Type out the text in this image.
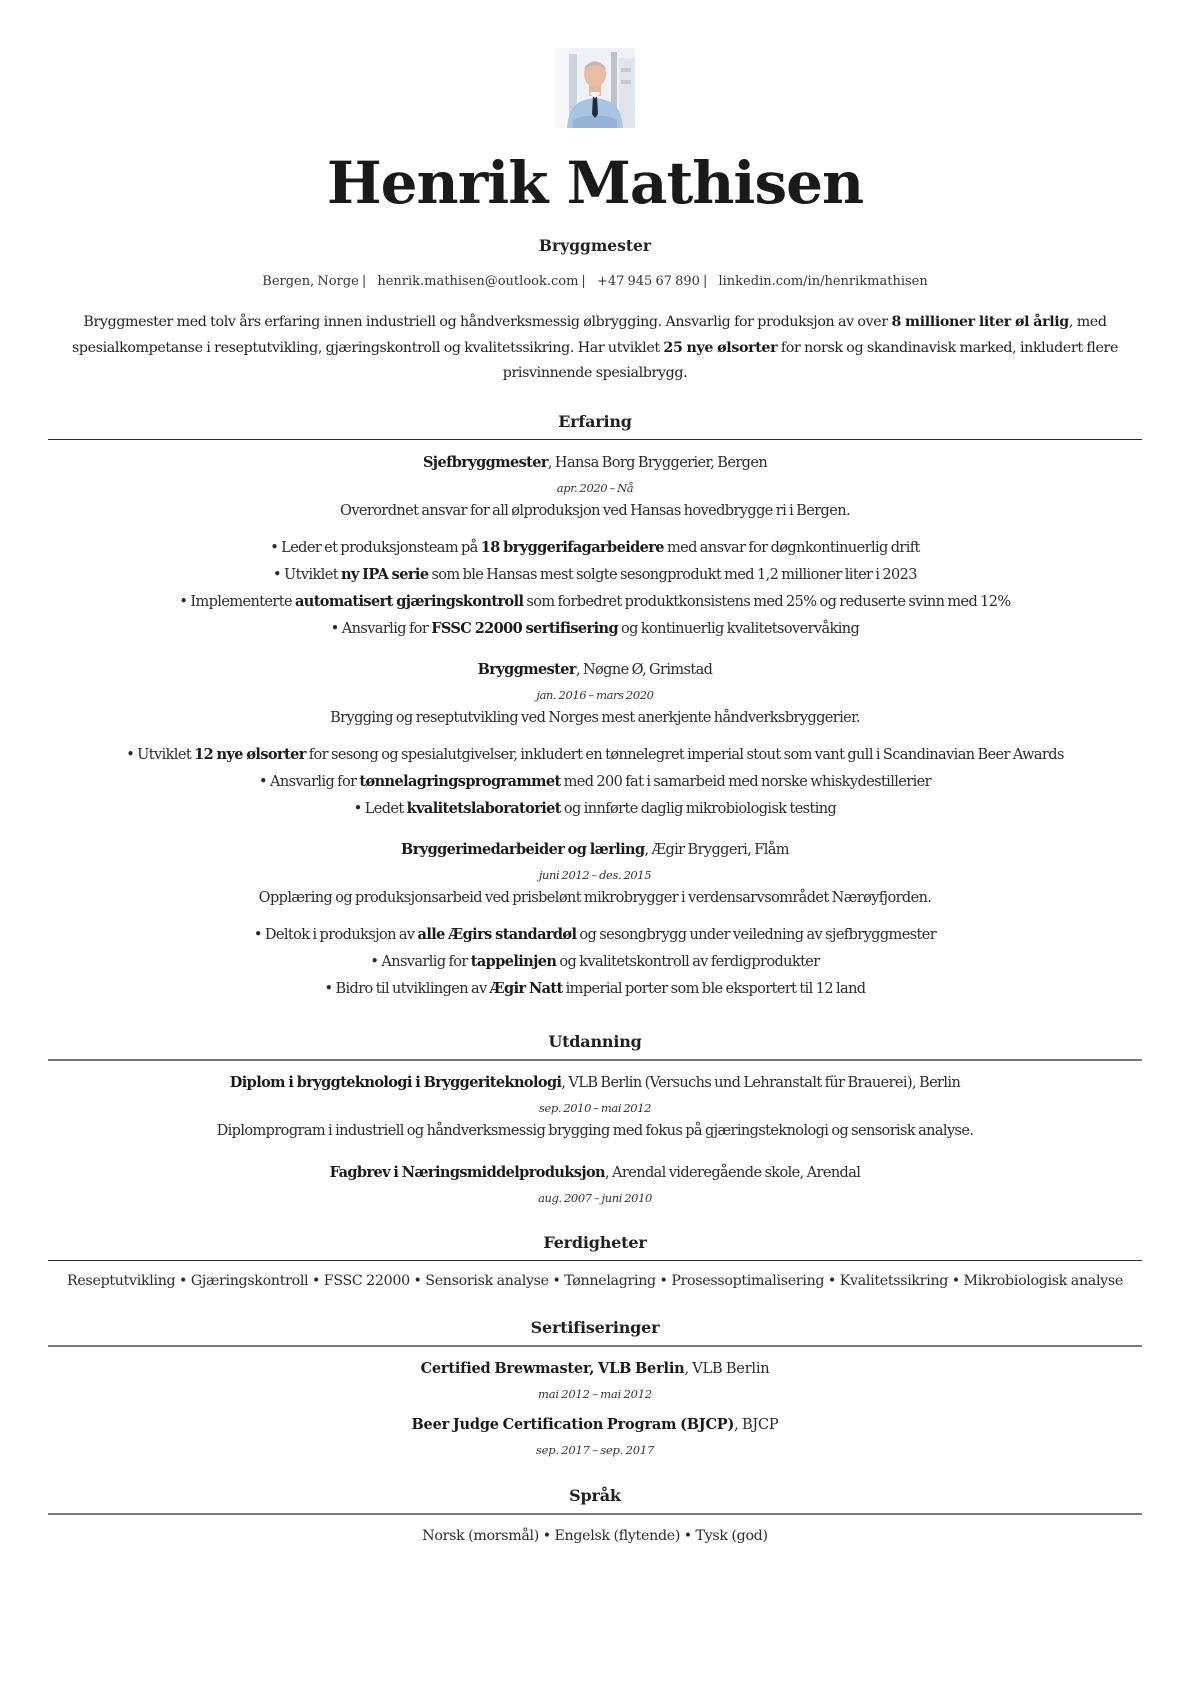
Henrik Mathisen
Bryggmester
Bergen, Norge | henrik.mathisen@outlook.com | +47 945 67 890 | linkedin.com/in/henrikmathisen
Bryggmester med tolv års erfaring innen industriell og håndverksmessig ølbrygging. Ansvarlig for produksjon av over 8 millioner liter øl årlig, med spesialkompetanse i reseptutvikling, gjæringskontroll og kvalitetssikring. Har utviklet 25 nye ølsorter for norsk og skandinavisk marked, inkludert flere prisvinnende spesialbrygg.
Erfaring
Sjefbryggmester, Hansa Borg Bryggerier, Bergen
apr. 2020 – Nå
Overordnet ansvar for all ølproduksjon ved Hansas hovedbrygge ri i Bergen.
• Leder et produksjonsteam på 18 bryggerifagarbeidere med ansvar for døgnkontinuerlig drift
• Utviklet ny IPA serie som ble Hansas mest solgte sesongprodukt med 1,2 millioner liter i 2023
• Implementerte automatisert gjæringskontroll som forbedret produktkonsistens med 25% og reduserte svinn med 12%
• Ansvarlig for FSSC 22000 sertifisering og kontinuerlig kvalitetsovervåking
Bryggmester, Nøgne Ø, Grimstad
jan. 2016 – mars 2020
Brygging og reseptutvikling ved Norges mest anerkjente håndverksbryggerier.
• Utviklet 12 nye ølsorter for sesong og spesialutgivelser, inkludert en tønnelegret imperial stout som vant gull i Scandinavian Beer Awards
• Ansvarlig for tønnelagringsprogrammet med 200 fat i samarbeid med norske whiskydestillerier
• Ledet kvalitetslaboratoriet og innførte daglig mikrobiologisk testing
Bryggerimedarbeider og lærling, Ægir Bryggeri, Flåm
juni 2012 – des. 2015
Opplæring og produksjonsarbeid ved prisbelønt mikrobrygger i verdensarvsområdet Nærøyfjorden.
• Deltok i produksjon av alle Ægirs standardøl og sesongbrygg under veiledning av sjefbryggmester
• Ansvarlig for tappelinjen og kvalitetskontroll av ferdigprodukter
• Bidro til utviklingen av Ægir Natt imperial porter som ble eksportert til 12 land
Utdanning
Diplom i bryggteknologi i Bryggeriteknologi, VLB Berlin (Versuchs und Lehranstalt für Brauerei), Berlin
sep. 2010 – mai 2012
Diplomprogram i industriell og håndverksmessig brygging med fokus på gjæringsteknologi og sensorisk analyse.
Fagbrev i Næringsmiddelproduksjon, Arendal videregående skole, Arendal
aug. 2007 – juni 2010
Ferdigheter
Reseptutvikling • Gjæringskontroll • FSSC 22000 • Sensorisk analyse • Tønnelagring • Prosessoptimalisering • Kvalitetssikring • Mikrobiologisk analyse
Sertifiseringer
Certified Brewmaster, VLB Berlin, VLB Berlin
mai 2012 – mai 2012
Beer Judge Certification Program (BJCP), BJCP
sep. 2017 – sep. 2017
Språk
Norsk (morsmål) • Engelsk (flytende) • Tysk (god)
